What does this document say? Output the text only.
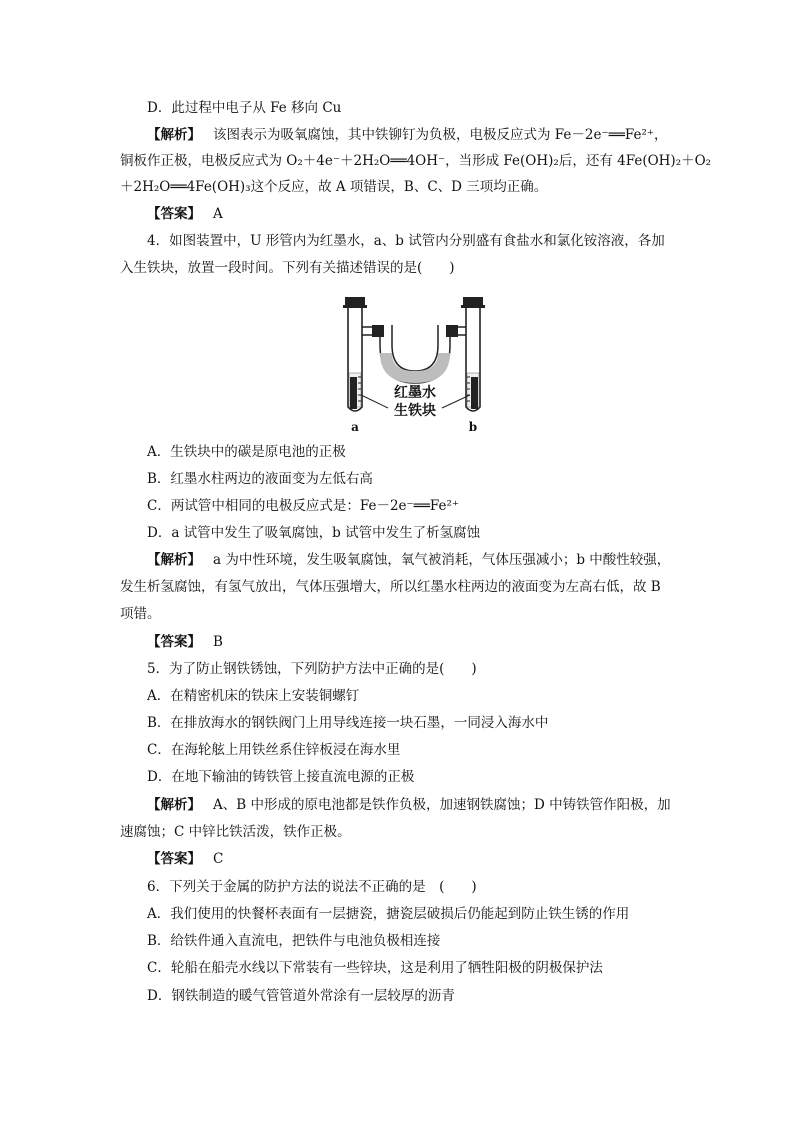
D．此过程中电子从 Fe 移向 Cu
【解析】 该图表示为吸氧腐蚀，其中铁铆钉为负极，电极反应式为 Fe－2e⁻══Fe²⁺，
铜板作正极，电极反应式为 O₂＋4e⁻＋2H₂O══4OH⁻，当形成 Fe(OH)₂后，还有 4Fe(OH)₂＋O₂
＋2H₂O══4Fe(OH)₃这个反应，故 A 项错误，B、C、D 三项均正确。
【答案】 A
4．如图装置中，U 形管内为红墨水，a、b 试管内分别盛有食盐水和氯化铵溶液，各加
入生铁块，放置一段时间。下列有关描述错误的是(　　)
红墨水
生铁块
a	b
A．生铁块中的碳是原电池的正极
B．红墨水柱两边的液面变为左低右高
C．两试管中相同的电极反应式是：Fe－2e⁻══Fe²⁺
D．a 试管中发生了吸氧腐蚀，b 试管中发生了析氢腐蚀
【解析】 a 为中性环境，发生吸氧腐蚀，氧气被消耗，气体压强减小；b 中酸性较强，
发生析氢腐蚀，有氢气放出，气体压强增大，所以红墨水柱两边的液面变为左高右低，故 B
项错。
【答案】 B
5．为了防止钢铁锈蚀，下列防护方法中正确的是(　　)
A．在精密机床的铁床上安装铜螺钉
B．在排放海水的钢铁阀门上用导线连接一块石墨，一同浸入海水中
C．在海轮舷上用铁丝系住锌板浸在海水里
D．在地下输油的铸铁管上接直流电源的正极
【解析】 A、B 中形成的原电池都是铁作负极，加速钢铁腐蚀；D 中铸铁管作阳极，加
速腐蚀；C 中锌比铁活泼，铁作正极。
【答案】 C
6．下列关于金属的防护方法的说法不正确的是　(　　)
A．我们使用的快餐杯表面有一层搪瓷，搪瓷层破损后仍能起到防止铁生锈的作用
B．给铁件通入直流电，把铁件与电池负极相连接
C．轮船在船壳水线以下常装有一些锌块，这是利用了牺牲阳极的阴极保护法
D．钢铁制造的暖气管管道外常涂有一层较厚的沥青
